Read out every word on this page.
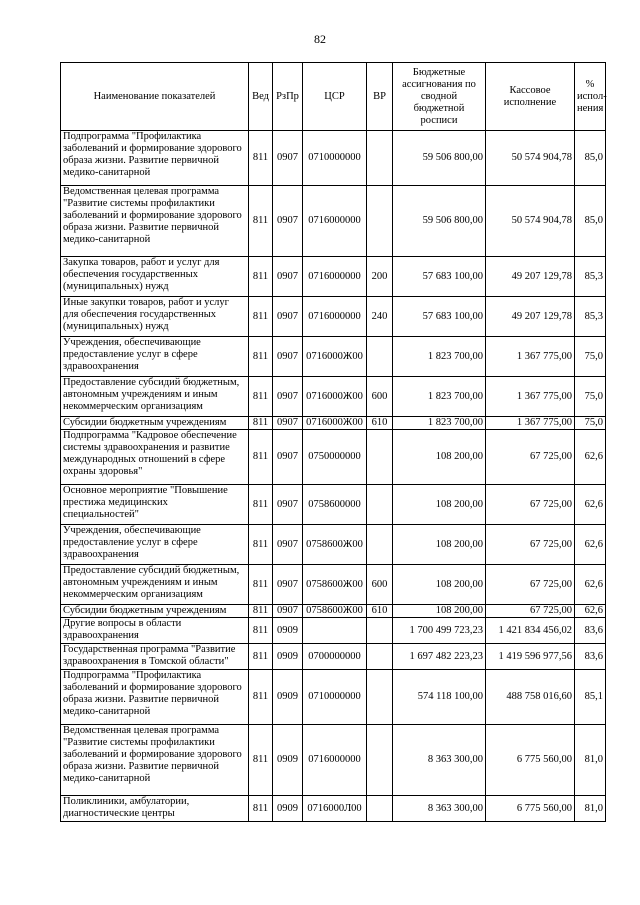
82
Наименование показателей	Вед	РзПр	ЦСР	ВР	Бюджетные ассигнования по сводной бюджетной росписи	Кассовое исполнение	% испол-нения
Подпрограмма "Профилактика заболеваний и формирование здорового образа жизни. Развитие первичной медико-санитарной	811	0907	0710000000		59 506 800,00	50 574 904,78	85,0
Ведомственная целевая программа "Развитие системы профилактики заболеваний и формирование здорового образа жизни. Развитие первичной медико-санитарной	811	0907	0716000000		59 506 800,00	50 574 904,78	85,0
Закупка товаров, работ и услуг для обеспечения государственных (муниципальных) нужд	811	0907	0716000000	200	57 683 100,00	49 207 129,78	85,3
Иные закупки товаров, работ и услуг для обеспечения государственных (муниципальных) нужд	811	0907	0716000000	240	57 683 100,00	49 207 129,78	85,3
Учреждения, обеспечивающие предоставление услуг в сфере здравоохранения	811	0907	0716000Ж00		1 823 700,00	1 367 775,00	75,0
Предоставление субсидий бюджетным, автономным учреждениям и иным некоммерческим организациям	811	0907	0716000Ж00	600	1 823 700,00	1 367 775,00	75,0
Субсидии бюджетным учреждениям	811	0907	0716000Ж00	610	1 823 700,00	1 367 775,00	75,0
Подпрограмма "Кадровое обеспечение системы здравоохранения и развитие международных отношений в сфере охраны здоровья"	811	0907	0750000000		108 200,00	67 725,00	62,6
Основное мероприятие "Повышение престижа медицинских специальностей"	811	0907	0758600000		108 200,00	67 725,00	62,6
Учреждения, обеспечивающие предоставление услуг в сфере здравоохранения	811	0907	0758600Ж00		108 200,00	67 725,00	62,6
Предоставление субсидий бюджетным, автономным учреждениям и иным некоммерческим организациям	811	0907	0758600Ж00	600	108 200,00	67 725,00	62,6
Субсидии бюджетным учреждениям	811	0907	0758600Ж00	610	108 200,00	67 725,00	62,6
Другие вопросы в области здравоохранения	811	0909			1 700 499 723,23	1 421 834 456,02	83,6
Государственная программа "Развитие здравоохранения в Томской области"	811	0909	0700000000		1 697 482 223,23	1 419 596 977,56	83,6
Подпрограмма "Профилактика заболеваний и формирование здорового образа жизни. Развитие первичной медико-санитарной	811	0909	0710000000		574 118 100,00	488 758 016,60	85,1
Ведомственная целевая программа "Развитие системы профилактики заболеваний и формирование здорового образа жизни. Развитие первичной медико-санитарной	811	0909	0716000000		8 363 300,00	6 775 560,00	81,0
Поликлиники, амбулатории, диагностические центры	811	0909	0716000Л00		8 363 300,00	6 775 560,00	81,0
